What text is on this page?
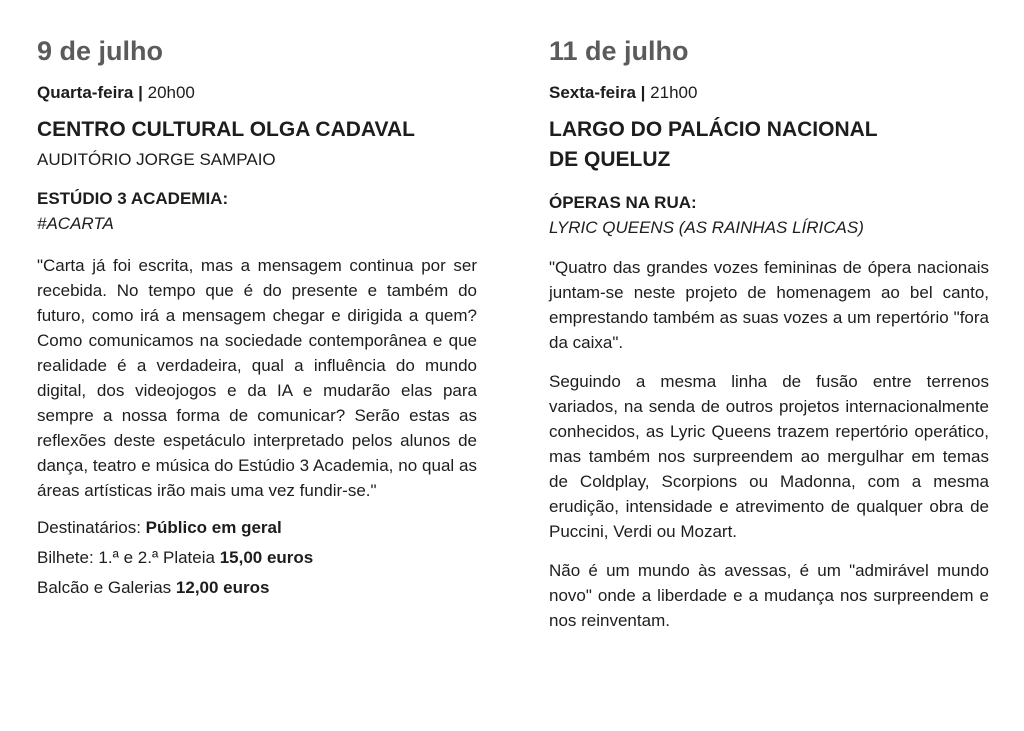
9 de julho
Quarta-feira | 20h00
CENTRO CULTURAL OLGA CADAVAL
AUDITÓRIO JORGE SAMPAIO
ESTÚDIO 3 ACADEMIA:
#ACARTA

"Carta já foi escrita, mas a mensagem continua por ser recebida. No tempo que é do presente e também do futuro, como irá a mensagem chegar e dirigida a quem? Como comunicamos na sociedade contemporânea e que realidade é a verdadeira, qual a influência do mundo digital, dos videojogos e da IA e mudarão elas para sempre a nossa forma de comunicar? Serão estas as reflexões deste espetáculo interpretado pelos alunos de dança, teatro e música do Estúdio 3 Academia, no qual as áreas artísticas irão mais uma vez fundir-se."

Destinatários: Público em geral
Bilhete: 1.ª e 2.ª Plateia 15,00 euros
Balcão e Galerias 12,00 euros
11 de julho
Sexta-feira | 21h00
LARGO DO PALÁCIO NACIONAL
DE QUELUZ
ÓPERAS NA RUA:
LYRIC QUEENS (AS RAINHAS LÍRICAS)

"Quatro das grandes vozes femininas de ópera nacionais juntam-se neste projeto de homenagem ao bel canto, emprestando também as suas vozes a um repertório "fora da caixa".

Seguindo a mesma linha de fusão entre terrenos variados, na senda de outros projetos internacionalmente conhecidos, as Lyric Queens trazem repertório operático, mas também nos surpreendem ao mergulhar em temas de Coldplay, Scorpions ou Madonna, com a mesma erudição, intensidade e atrevimento de qualquer obra de Puccini, Verdi ou Mozart.

Não é um mundo às avessas, é um "admirável mundo novo" onde a liberdade e a mudança nos surpreendem e nos reinventam.
